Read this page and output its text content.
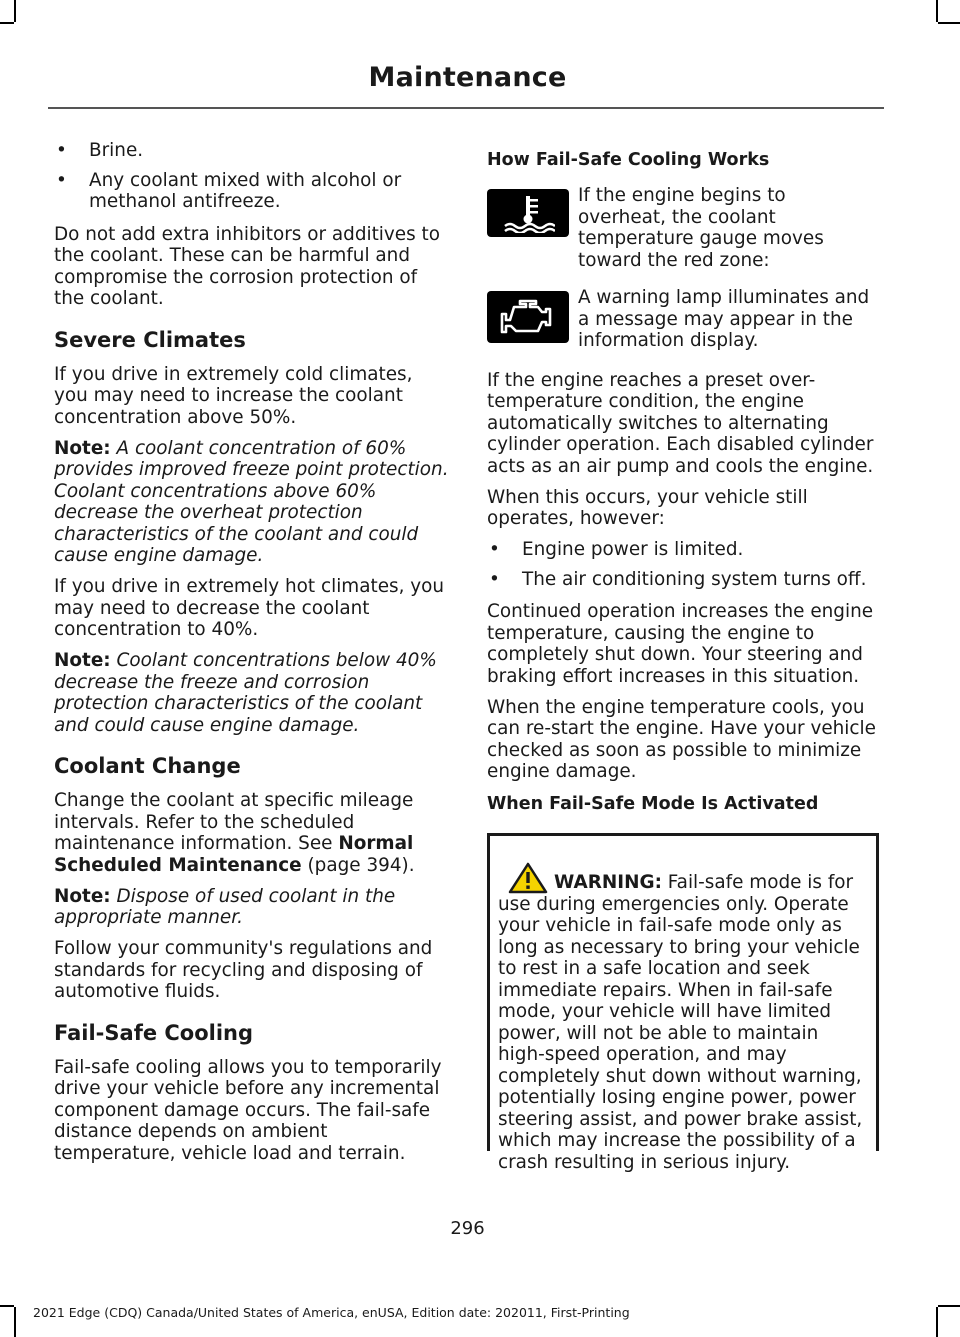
Maintenance
• Brine.
• Any coolant mixed with alcohol or methanol antifreeze.

Do not add extra inhibitors or additives to the coolant. These can be harmful and compromise the corrosion protection of the coolant.

Severe Climates

If you drive in extremely cold climates, you may need to increase the coolant concentration above 50%.

Note: A coolant concentration of 60% provides improved freeze point protection. Coolant concentrations above 60% decrease the overheat protection characteristics of the coolant and could cause engine damage.

If you drive in extremely hot climates, you may need to decrease the coolant concentration to 40%.

Note: Coolant concentrations below 40% decrease the freeze and corrosion protection characteristics of the coolant and could cause engine damage.

Coolant Change

Change the coolant at specific mileage intervals. Refer to the scheduled maintenance information. See Normal Scheduled Maintenance (page 394).

Note: Dispose of used coolant in the appropriate manner.

Follow your community's regulations and standards for recycling and disposing of automotive fluids.

Fail-Safe Cooling

Fail-safe cooling allows you to temporarily drive your vehicle before any incremental component damage occurs. The fail-safe distance depends on ambient temperature, vehicle load and terrain.

How Fail-Safe Cooling Works
If the engine begins to overheat, the coolant temperature gauge moves toward the red zone:
A warning lamp illuminates and a message may appear in the information display.

If the engine reaches a preset over-temperature condition, the engine automatically switches to alternating cylinder operation. Each disabled cylinder acts as an air pump and cools the engine.

When this occurs, your vehicle still operates, however:

• Engine power is limited.
• The air conditioning system turns off.

Continued operation increases the engine temperature, causing the engine to completely shut down. Your steering and braking effort increases in this situation.

When the engine temperature cools, you can re-start the engine. Have your vehicle checked as soon as possible to minimize engine damage.

When Fail-Safe Mode Is Activated
WARNING: Fail-safe mode is for use during emergencies only. Operate your vehicle in fail-safe mode only as long as necessary to bring your vehicle to rest in a safe location and seek immediate repairs. When in fail-safe mode, your vehicle will have limited power, will not be able to maintain high-speed operation, and may completely shut down without warning, potentially losing engine power, power steering assist, and power brake assist, which may increase the possibility of a crash resulting in serious injury.
296
2021 Edge (CDQ) Canada/United States of America, enUSA, Edition date: 202011, First-Printing
